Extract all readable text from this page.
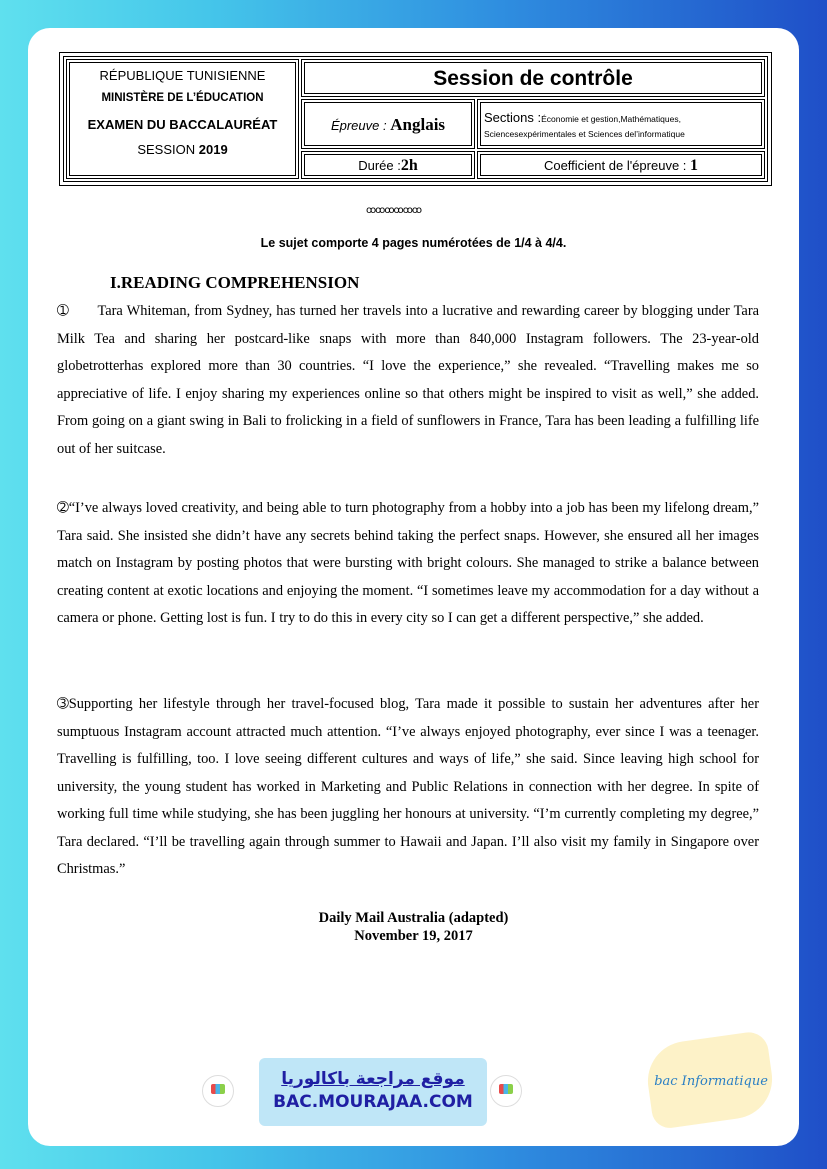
RÉPUBLIQUE TUNISIENNE
MINISTÈRE DE L’ÉDUCATION
EXAMEN DU BACCALAURÉAT
SESSION 2019
Session de contrôle
Épreuve : Anglais	Sections :Économie et gestion,Mathématiques, Sciencesexpérimentales et Sciences del’informatique
Durée :2h	Coefficient de l'épreuve : 1
ꝏꝏꝏꝏꝏꝏ
Le sujet comporte 4 pages numérotées de 1/4 à 4/4.
I.READING COMPREHENSION
➀ Tara Whiteman, from Sydney, has turned her travels into a lucrative and rewarding career by blogging under Tara Milk Tea and sharing her postcard-like snaps with more than 840,000 Instagram followers. The 23-year-old globetrotterhas explored more than 30 countries. “I love the experience,” she revealed. “Travelling makes me so appreciative of life. I enjoy sharing my experiences online so that others might be inspired to visit as well,” she added. From going on a giant swing in Bali to frolicking in a field of sunflowers in France, Tara has been leading a fulfilling life out of her suitcase.
➁“I’ve always loved creativity, and being able to turn photography from a hobby into a job has been my lifelong dream,” Tara said. She insisted she didn’t have any secrets behind taking the perfect snaps. However, she ensured all her images match on Instagram by posting photos that were bursting with bright colours. She managed to strike a balance between creating content at exotic locations and enjoying the moment. “I sometimes leave my accommodation for a day without a camera or phone. Getting lost is fun. I try to do this in every city so I can get a different perspective,” she added.
➂Supporting her lifestyle through her travel-focused blog, Tara made it possible to sustain her adventures after her sumptuous Instagram account attracted much attention. “I’ve always enjoyed photography, ever since I was a teenager. Travelling is fulfilling, too. I love seeing different cultures and ways of life,” she said. Since leaving high school for university, the young student has worked in Marketing and Public Relations in connection with her degree. In spite of working full time while studying, she has been juggling her honours at university. “I’m currently completing my degree,” Tara declared. “I’ll be travelling again through summer to Hawaii and Japan. I’ll also visit my family in Singapore over Christmas.”
Daily Mail Australia (adapted)
November 19, 2017
موقع مراجعة باكالوريا
BAC.MOURAJAA.COM
bac Informatique
